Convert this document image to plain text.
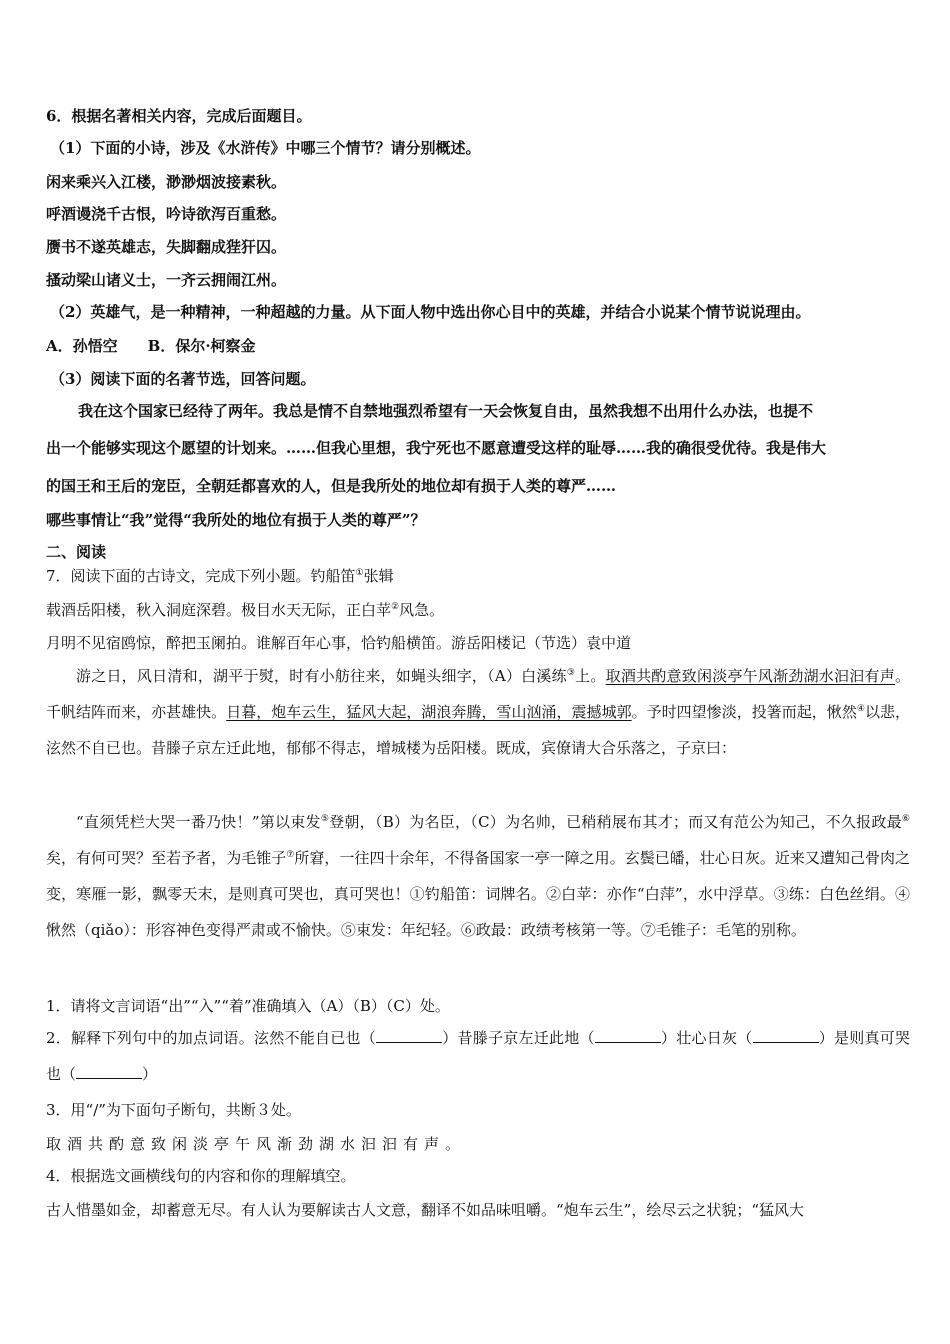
6．根据名著相关内容，完成后面题目。

（1）下面的小诗，涉及《水浒传》中哪三个情节？请分别概述。

闲来乘兴入江楼，渺渺烟波接素秋。

呼酒谩浇千古恨，吟诗欲泻百重愁。

赝书不遂英雄志，失脚翻成狴犴囚。

搔动梁山诸义士，一齐云拥闹江州。

（2）英雄气，是一种精神，一种超越的力量。从下面人物中选出你心目中的英雄，并结合小说某个情节说说理由。

A．孙悟空　　B．保尔·柯察金

（3）阅读下面的名著节选，回答问题。

我在这个国家已经待了两年。我总是情不自禁地强烈希望有一天会恢复自由，虽然我想不出用什么办法，也提不

出一个能够实现这个愿望的计划来。……但我心里想，我宁死也不愿意遭受这样的耻辱……我的确很受优待。我是伟大

的国王和王后的宠臣，全朝廷都喜欢的人，但是我所处的地位却有损于人类的尊严……

哪些事情让“我”觉得“我所处的地位有损于人类的尊严”？

二、阅读

7．阅读下面的古诗文，完成下列小题。钓船笛①张辑

载酒岳阳楼，秋入洞庭深碧。极目水天无际，正白苹②风急。

月明不见宿鸥惊，醉把玉阑拍。谁解百年心事，恰钓船横笛。游岳阳楼记（节选）袁中道

游之日，风日清和，湖平于熨，时有小舫往来，如蝇头细字，（A）白溪练③上。取酒共酌意致闲淡亭午风渐劲湖水汩汩有声。千帆结阵而来，亦甚雄快。日暮，炮车云生，猛风大起，湖浪奔腾，雪山汹涌，震撼城郭。予时四望惨淡，投箸而起，愀然④以悲，泫然不自已也。昔滕子京左迁此地，郁郁不得志，增城楼为岳阳楼。既成，宾僚请大合乐落之，子京曰：

“直须凭栏大哭一番乃快！”第以束发⑤登朝，（B）为名臣，（C）为名帅，已稍稍展布其才；而又有范公为知己，不久报政最⑥矣，有何可哭？至若予者，为毛锥子⑦所窘，一往四十余年，不得备国家一亭一障之用。玄鬓已皤，壮心日灰。近来又遭知己骨肉之变，寒雁一影，飘零天末，是则真可哭也，真可哭也！①钓船笛：词牌名。②白苹：亦作“白萍”，水中浮草。③练：白色丝绢。④愀然（qiǎo）：形容神色变得严肃或不愉快。⑤束发：年纪轻。⑥政最：政绩考核第一等。⑦毛锥子：毛笔的别称。

1．请将文言词语“出”“入”“着”准确填入（A）（B）（C）处。

2．解释下列句中的加点词语。泫然不能自已也（	）昔滕子京左迁此地（	）壮心日灰（	）是则真可哭也（	）

3．用“/”为下面句子断句，共断３处。

取酒共酌意致闲淡亭午风渐劲湖水汩汩有声。

4．根据选文画横线句的内容和你的理解填空。

古人惜墨如金，却蓄意无尽。有人认为要解读古人文意，翻译不如品味咀嚼。“炮车云生”，绘尽云之状貌；“猛风大
